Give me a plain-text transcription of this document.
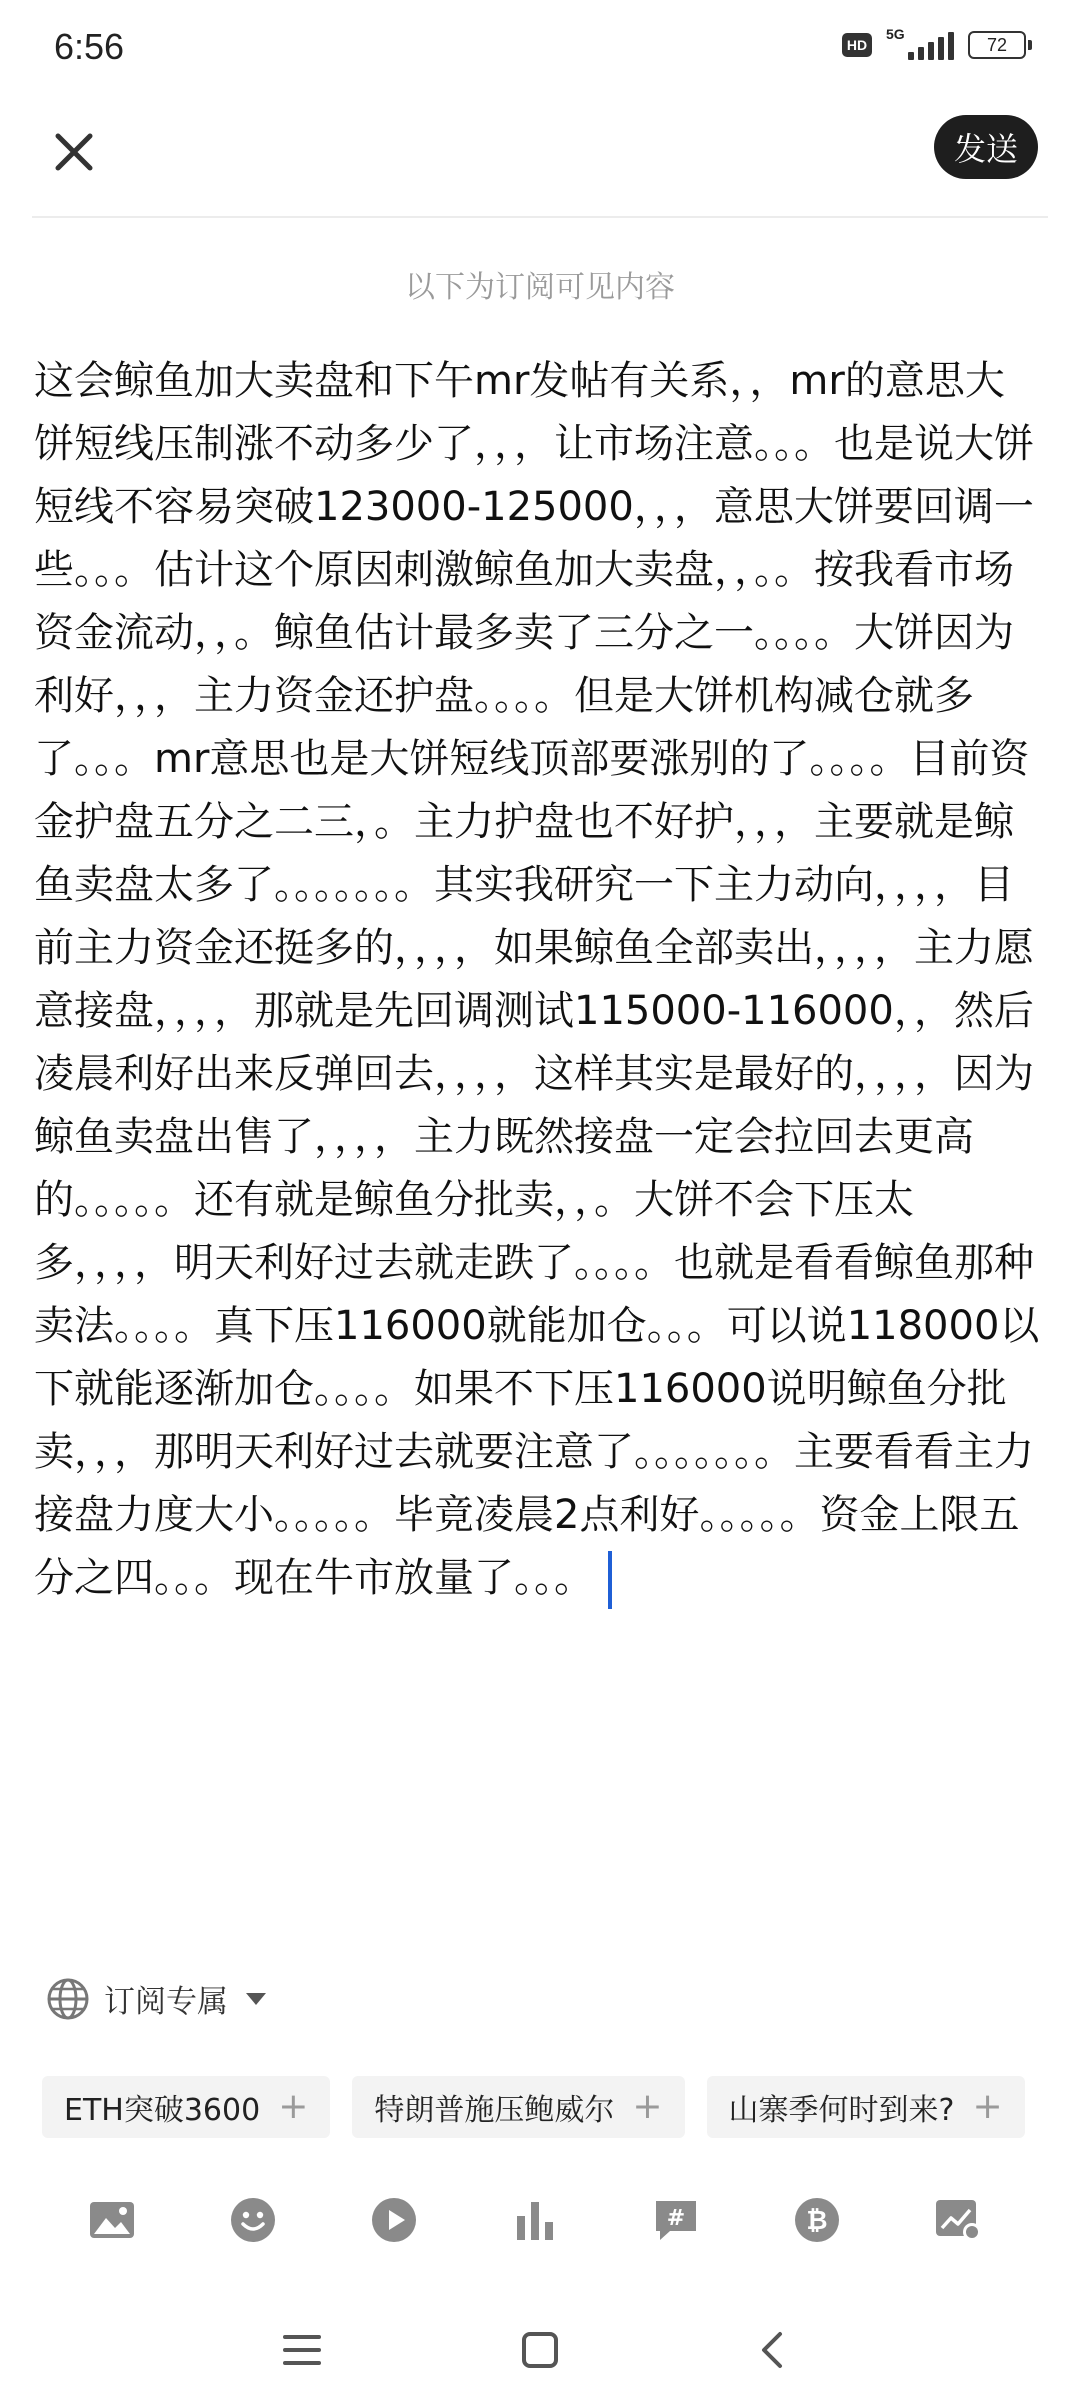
6:56	HD
5G
72
发送
以下为订阅可见内容
这会鲸鱼加大卖盘和下午mr发帖有关系，，mr的意思大饼短线压制涨不动多少了，，，让市场注意。。。也是说大饼短线不容易突破123000-125000，，，意思大饼要回调一些。。。估计这个原因刺激鲸鱼加大卖盘，，。。按我看市场资金流动，，。鲸鱼估计最多卖了三分之一。。。。大饼因为利好，，，主力资金还护盘。。。。但是大饼机构减仓就多了。。。mr意思也是大饼短线顶部要涨别的了。。。。目前资金护盘五分之二三，。主力护盘也不好护，，，主要就是鲸鱼卖盘太多了。。。。。。。其实我研究一下主力动向，，，，目前主力资金还挺多的，，，，如果鲸鱼全部卖出，，，，主力愿意接盘，，，，那就是先回调测试115000-116000，，然后凌晨利好出来反弹回去，，，，这样其实是最好的，，，，因为鲸鱼卖盘出售了，，，，主力既然接盘一定会拉回去更高的。。。。。还有就是鲸鱼分批卖，，。大饼不会下压太多，，，，明天利好过去就走跌了。。。。也就是看看鲸鱼那种卖法。。。。真下压116000就能加仓。。。可以说118000以下就能逐渐加仓。。。。如果不下压116000说明鲸鱼分批卖，，，那明天利好过去就要注意了。。。。。。。主要看看主力接盘力度大小。。。。。毕竟凌晨2点利好。。。。。资金上限五分之四。。。现在牛市放量了。。。
订阅专属
ETH突破3600 + 特朗普施压鲍威尔 + 山寨季何时到来? +
#	₿
